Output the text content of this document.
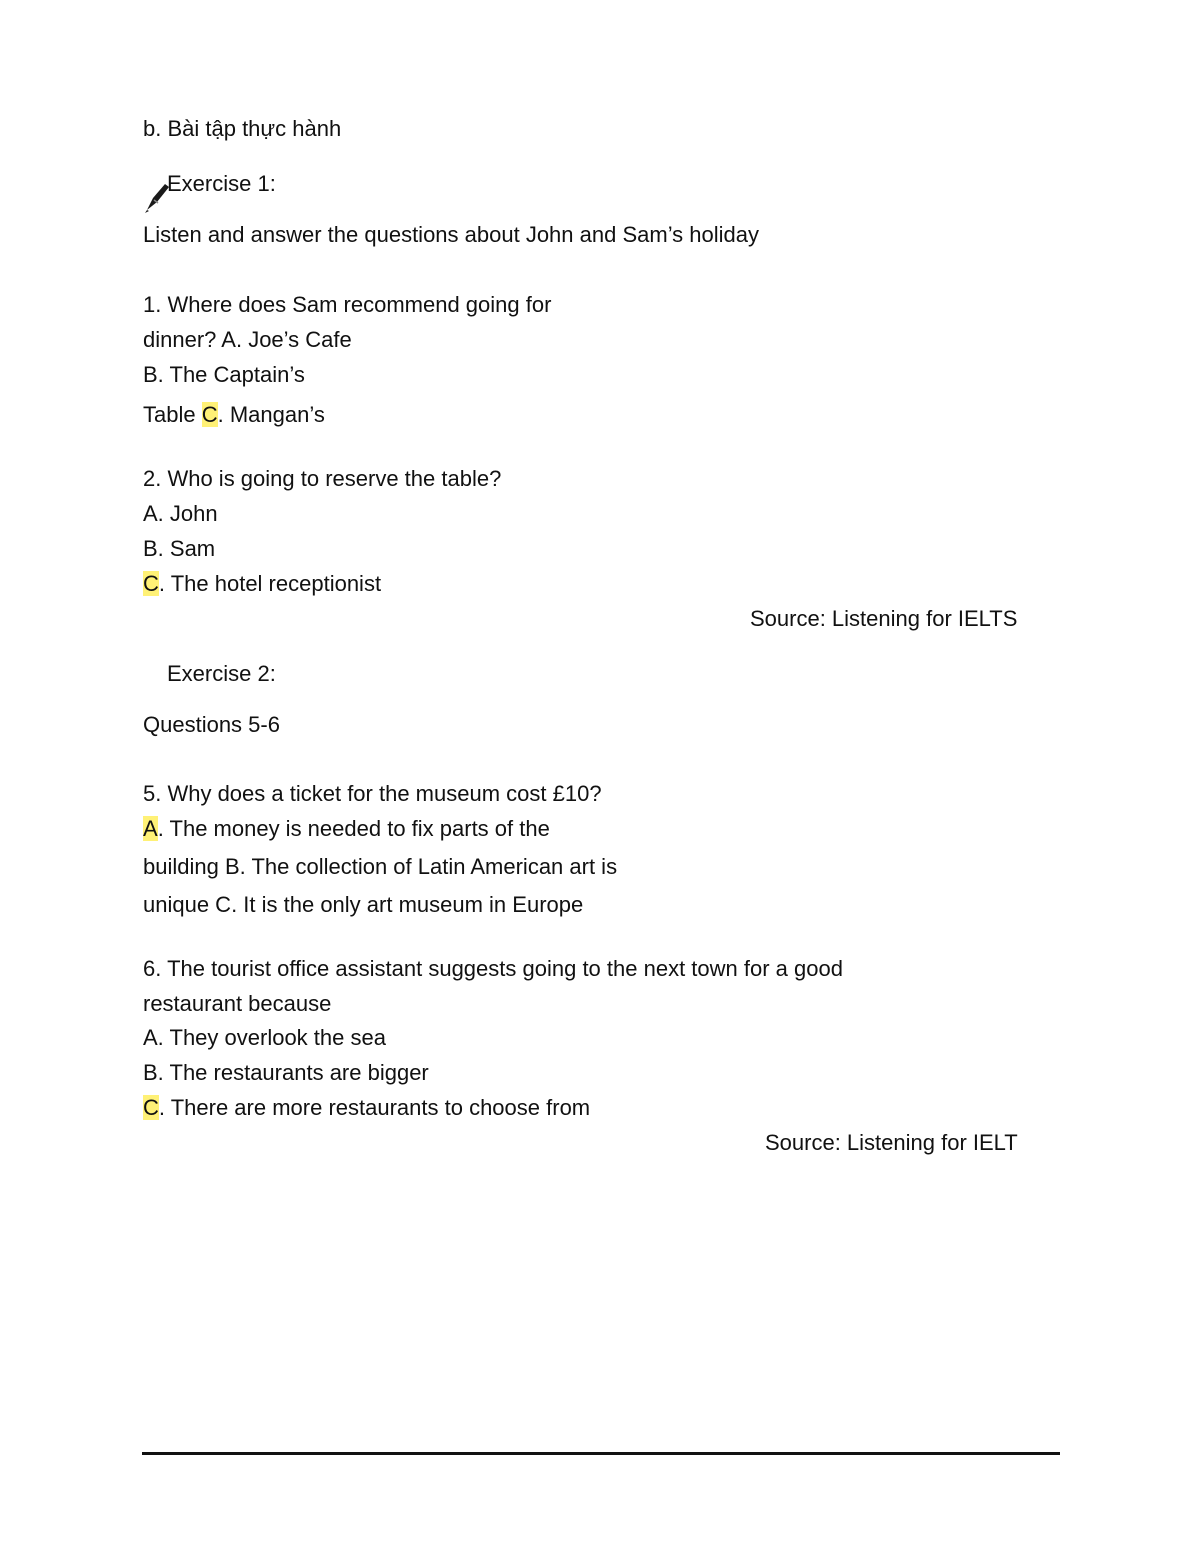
b. Bài tập thực hành
Exercise 1:
Listen and answer the questions about John and Sam’s holiday
1. Where does Sam recommend going for
dinner? A. Joe’s Cafe
B. The Captain’s
Table C. Mangan’s
2. Who is going to reserve the table?
A. John
B. Sam
C. The hotel receptionist
Source: Listening for IELTS
Exercise 2:
Questions 5-6
5. Why does a ticket for the museum cost £10?
A. The money is needed to fix parts of the
building B. The collection of Latin American art is
unique C. It is the only art museum in Europe
6. The tourist office assistant suggests going to the next town for a good
restaurant because
A. They overlook the sea
B. The restaurants are bigger
C. There are more restaurants to choose from
Source: Listening for IELT
